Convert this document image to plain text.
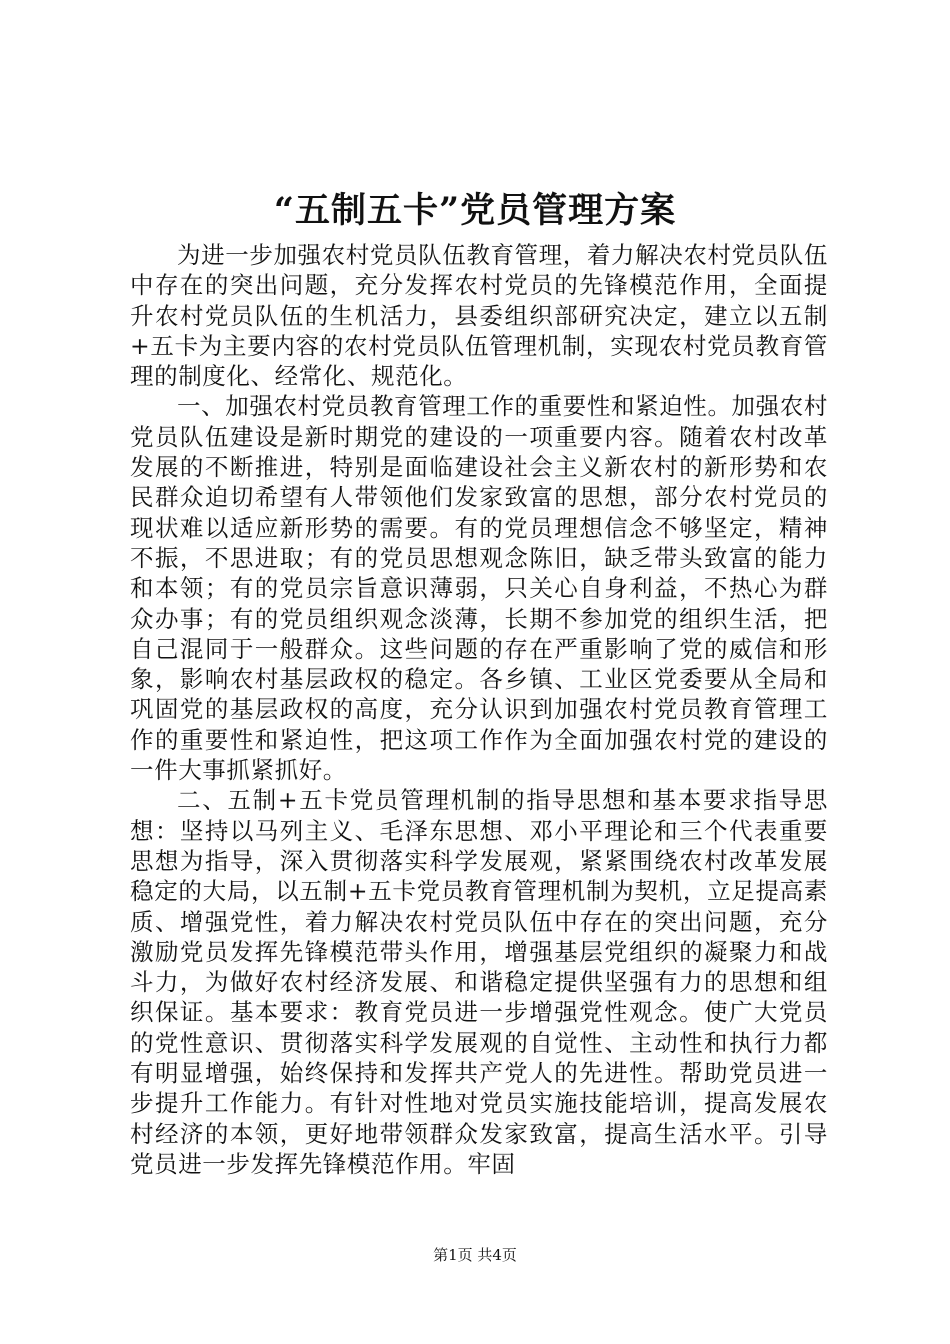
“五制五卡”党员管理方案

为进一步加强农村党员队伍教育管理，着力解决农村党员队伍中存在的突出问题，充分发挥农村党员的先锋模范作用，全面提升农村党员队伍的生机活力，县委组织部研究决定，建立以五制+五卡为主要内容的农村党员队伍管理机制，实现农村党员教育管理的制度化、经常化、规范化。

一、加强农村党员教育管理工作的重要性和紧迫性。加强农村党员队伍建设是新时期党的建设的一项重要内容。随着农村改革发展的不断推进，特别是面临建设社会主义新农村的新形势和农民群众迫切希望有人带领他们发家致富的思想，部分农村党员的现状难以适应新形势的需要。有的党员理想信念不够坚定，精神不振，不思进取；有的党员思想观念陈旧，缺乏带头致富的能力和本领；有的党员宗旨意识薄弱，只关心自身利益，不热心为群众办事；有的党员组织观念淡薄，长期不参加党的组织生活，把自己混同于一般群众。这些问题的存在严重影响了党的威信和形象，影响农村基层政权的稳定。各乡镇、工业区党委要从全局和巩固党的基层政权的高度，充分认识到加强农村党员教育管理工作的重要性和紧迫性，把这项工作作为全面加强农村党的建设的一件大事抓紧抓好。

二、五制+五卡党员管理机制的指导思想和基本要求指导思想：坚持以马列主义、毛泽东思想、邓小平理论和三个代表重要思想为指导，深入贯彻落实科学发展观，紧紧围绕农村改革发展稳定的大局，以五制+五卡党员教育管理机制为契机，立足提高素质、增强党性，着力解决农村党员队伍中存在的突出问题，充分激励党员发挥先锋模范带头作用，增强基层党组织的凝聚力和战斗力，为做好农村经济发展、和谐稳定提供坚强有力的思想和组织保证。基本要求：教育党员进一步增强党性观念。使广大党员的党性意识、贯彻落实科学发展观的自觉性、主动性和执行力都有明显增强，始终保持和发挥共产党人的先进性。帮助党员进一步提升工作能力。有针对性地对党员实施技能培训，提高发展农村经济的本领，更好地带领群众发家致富，提高生活水平。引导党员进一步发挥先锋模范作用。牢固

第1页 共4页
